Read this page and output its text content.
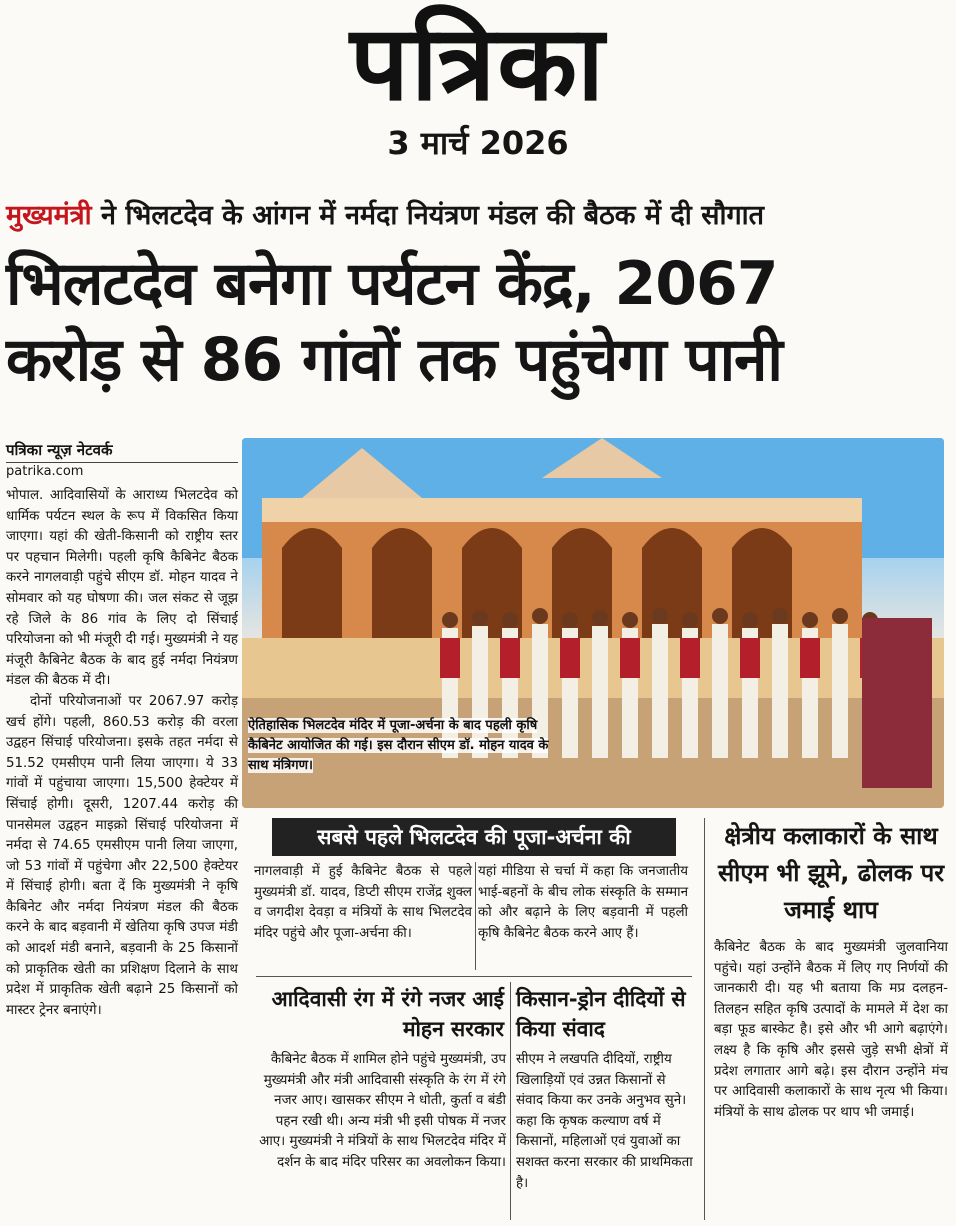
पत्रिका
3 मार्च 2026
मुख्यमंत्री ने भिलटदेव के आंगन में नर्मदा नियंत्रण मंडल की बैठक में दी सौगात
भिलटदेव बनेगा पर्यटन केंद्र, 2067
करोड़ से 86 गांवों तक पहुंचेगा पानी
पत्रिका न्यूज़ नेटवर्क
patrika.com

भोपाल. आदिवासियों के आराध्य भिलटदेव को धार्मिक पर्यटन स्थल के रूप में विकसित किया जाएगा। यहां की खेती-किसानी को राष्ट्रीय स्तर पर पहचान मिलेगी। पहली कृषि कैबिनेट बैठक करने नागलवाड़ी पहुंचे सीएम डॉ. मोहन यादव ने सोमवार को यह घोषणा की। जल संकट से जूझ रहे जिले के 86 गांव के लिए दो सिंचाई परियोजना को भी मंजूरी दी गई। मुख्यमंत्री ने यह मंजूरी कैबिनेट बैठक के बाद हुई नर्मदा नियंत्रण मंडल की बैठक में दी।

दोनों परियोजनाओं पर 2067.97 करोड़ खर्च होंगे। पहली, 860.53 करोड़ की वरला उद्वहन सिंचाई परियोजना। इसके तहत नर्मदा से 51.52 एमसीएम पानी लिया जाएगा। ये 33 गांवों में पहुंचाया जाएगा। 15,500 हेक्टेयर में सिंचाई होगी। दूसरी, 1207.44 करोड़ की पानसेमल उद्वहन माइक्रो सिंचाई परियोजना में नर्मदा से 74.65 एमसीएम पानी लिया जाएगा, जो 53 गांवों में पहुंचेगा और 22,500 हेक्टेयर में सिंचाई होगी। बता दें कि मुख्यमंत्री ने कृषि कैबिनेट और नर्मदा नियंत्रण मंडल की बैठक करने के बाद बड़वानी में खेतिया कृषि उपज मंडी को आदर्श मंडी बनाने, बड़वानी के 25 किसानों को प्राकृतिक खेती का प्रशिक्षण दिलाने के साथ प्रदेश में प्राकृतिक खेती बढ़ाने 25 किसानों को मास्टर ट्रेनर बनाएंगे।

ऐतिहासिक भिलटदेव मंदिर में पूजा-अर्चना के बाद पहली कृषि कैबिनेट आयोजित की गई। इस दौरान सीएम डॉ. मोहन यादव के साथ मंत्रिगण।
सबसे पहले भिलटदेव की पूजा-अर्चना की
नागलवाड़ी में हुई कैबिनेट बैठक से पहले मुख्यमंत्री डॉ. यादव, डिप्टी सीएम राजेंद्र शुक्ल व जगदीश देवड़ा व मंत्रियों के साथ भिलटदेव मंदिर पहुंचे और पूजा-अर्चना की।
यहां मीडिया से चर्चा में कहा कि जनजातीय भाई-बहनों के बीच लोक संस्कृति के सम्मान को और बढ़ाने के लिए बड़वानी में पहली कृषि कैबिनेट बैठक करने आए हैं।
आदिवासी रंग में रंगे नजर आई मोहन सरकार
कैबिनेट बैठक में शामिल होने पहुंचे मुख्यमंत्री, उप मुख्यमंत्री और मंत्री आदिवासी संस्कृति के रंग में रंगे नजर आए। खासकर सीएम ने धोती, कुर्ता व बंडी पहन रखी थी। अन्य मंत्री भी इसी पोषक में नजर आए। मुख्यमंत्री ने मंत्रियों के साथ भिलटदेव मंदिर में दर्शन के बाद मंदिर परिसर का अवलोकन किया।
किसान-ड्रोन दीदियों से किया संवाद
सीएम ने लखपति दीदियों, राष्ट्रीय खिलाड़ियों एवं उन्नत किसानों से संवाद किया कर उनके अनुभव सुने। कहा कि कृषक कल्याण वर्ष में किसानों, महिलाओं एवं युवाओं का सशक्त करना सरकार की प्राथमिकता है।
क्षेत्रीय कलाकारों के साथ सीएम भी झूमे, ढोलक पर जमाई थाप
कैबिनेट बैठक के बाद मुख्यमंत्री जुलवानिया पहुंचे। यहां उन्होंने बैठक में लिए गए निर्णयों की जानकारी दी। यह भी बताया कि मप्र दलहन-तिलहन सहित कृषि उत्पादों के मामले में देश का बड़ा फूड बास्केट है। इसे और भी आगे बढ़ाएंगे। लक्ष्य है कि कृषि और इससे जुड़े सभी क्षेत्रों में प्रदेश लगातार आगे बढ़े। इस दौरान उन्होंने मंच पर आदिवासी कलाकारों के साथ नृत्य भी किया। मंत्रियों के साथ ढोलक पर थाप भी जमाई।
